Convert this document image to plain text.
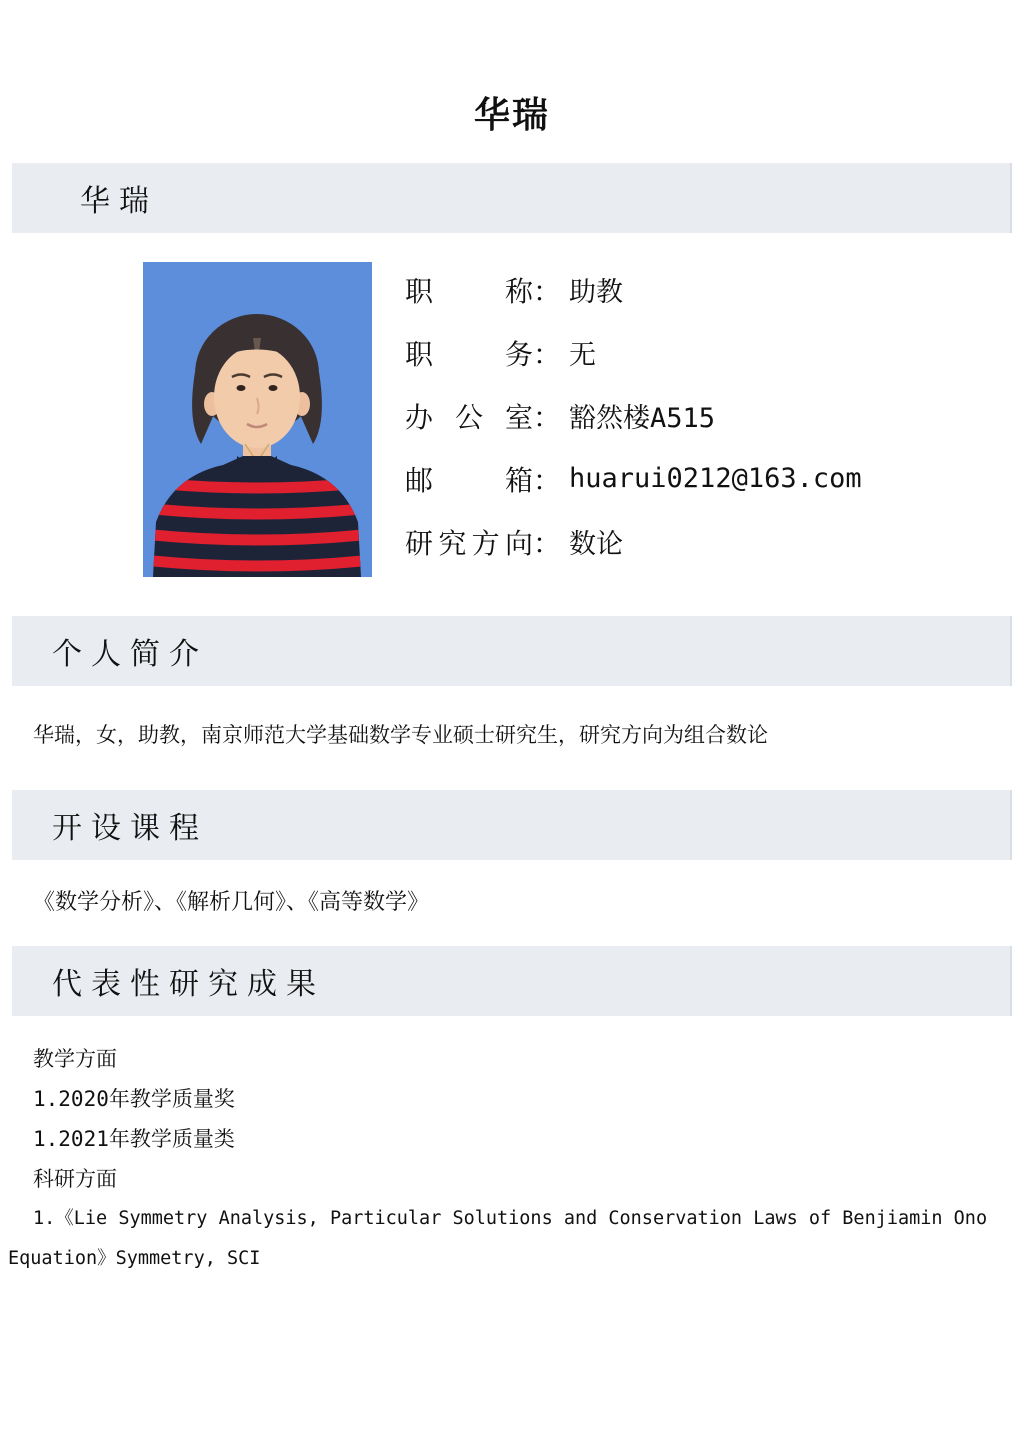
华瑞
华瑞
职称 ： 助教
职务 ： 无
办公室 ： 豁然楼A515
邮箱 ： huarui0212@163.com
研究方向 ： 数论
个人简介

华瑞，女，助教，南京师范大学基础数学专业硕士研究生，研究方向为组合数论

开设课程

《数学分析》、《解析几何》、《高等数学》

代表性研究成果

教学方面

1.2020年教学质量奖

1.2021年教学质量类

科研方面

1.《Lie Symmetry Analysis, Particular Solutions and Conservation Laws of Benjiamin Ono Equation》Symmetry, SCI
